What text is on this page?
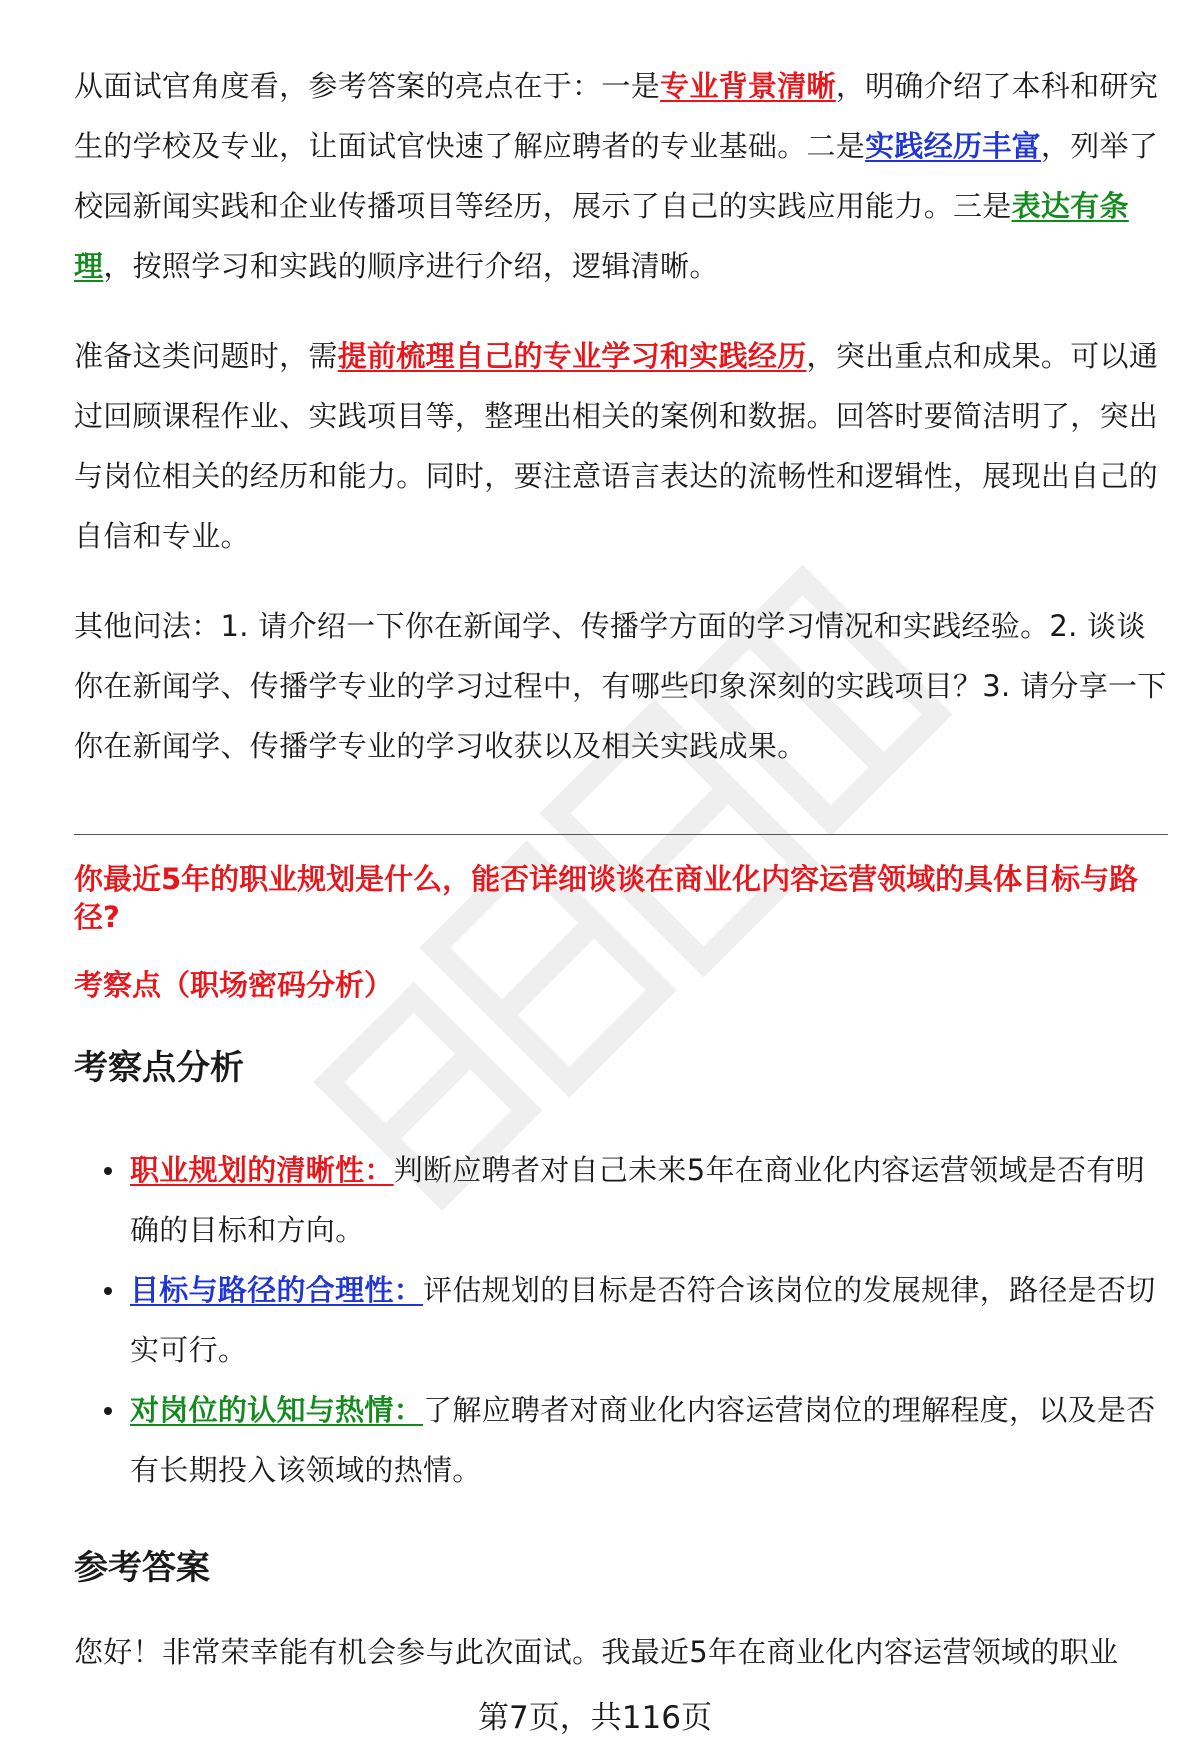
从面试官角度看，参考答案的亮点在于：一是专业背景清晰，明确介绍了本科和研究生的学校及专业，让面试官快速了解应聘者的专业基础。二是实践经历丰富，列举了校园新闻实践和企业传播项目等经历，展示了自己的实践应用能力。三是表达有条理，按照学习和实践的顺序进行介绍，逻辑清晰。

准备这类问题时，需提前梳理自己的专业学习和实践经历，突出重点和成果。可以通过回顾课程作业、实践项目等，整理出相关的案例和数据。回答时要简洁明了，突出与岗位相关的经历和能力。同时，要注意语言表达的流畅性和逻辑性，展现出自己的自信和专业。

其他问法：1. 请介绍一下你在新闻学、传播学方面的学习情况和实践经验。2. 谈谈你在新闻学、传播学专业的学习过程中，有哪些印象深刻的实践项目？3. 请分享一下你在新闻学、传播学专业的学习收获以及相关实践成果。

你最近5年的职业规划是什么，能否详细谈谈在商业化内容运营领域的具体目标与路径?

考察点（职场密码分析）

考察点分析
职业规划的清晰性：判断应聘者对自己未来5年在商业化内容运营领域是否有明确的目标和方向。
目标与路径的合理性：评估规划的目标是否符合该岗位的发展规律，路径是否切实可行。
对岗位的认知与热情：了解应聘者对商业化内容运营岗位的理解程度，以及是否有长期投入该领域的热情。
参考答案

您好！非常荣幸能有机会参与此次面试。我最近5年在商业化内容运营领域的职业

第7页，共116页
